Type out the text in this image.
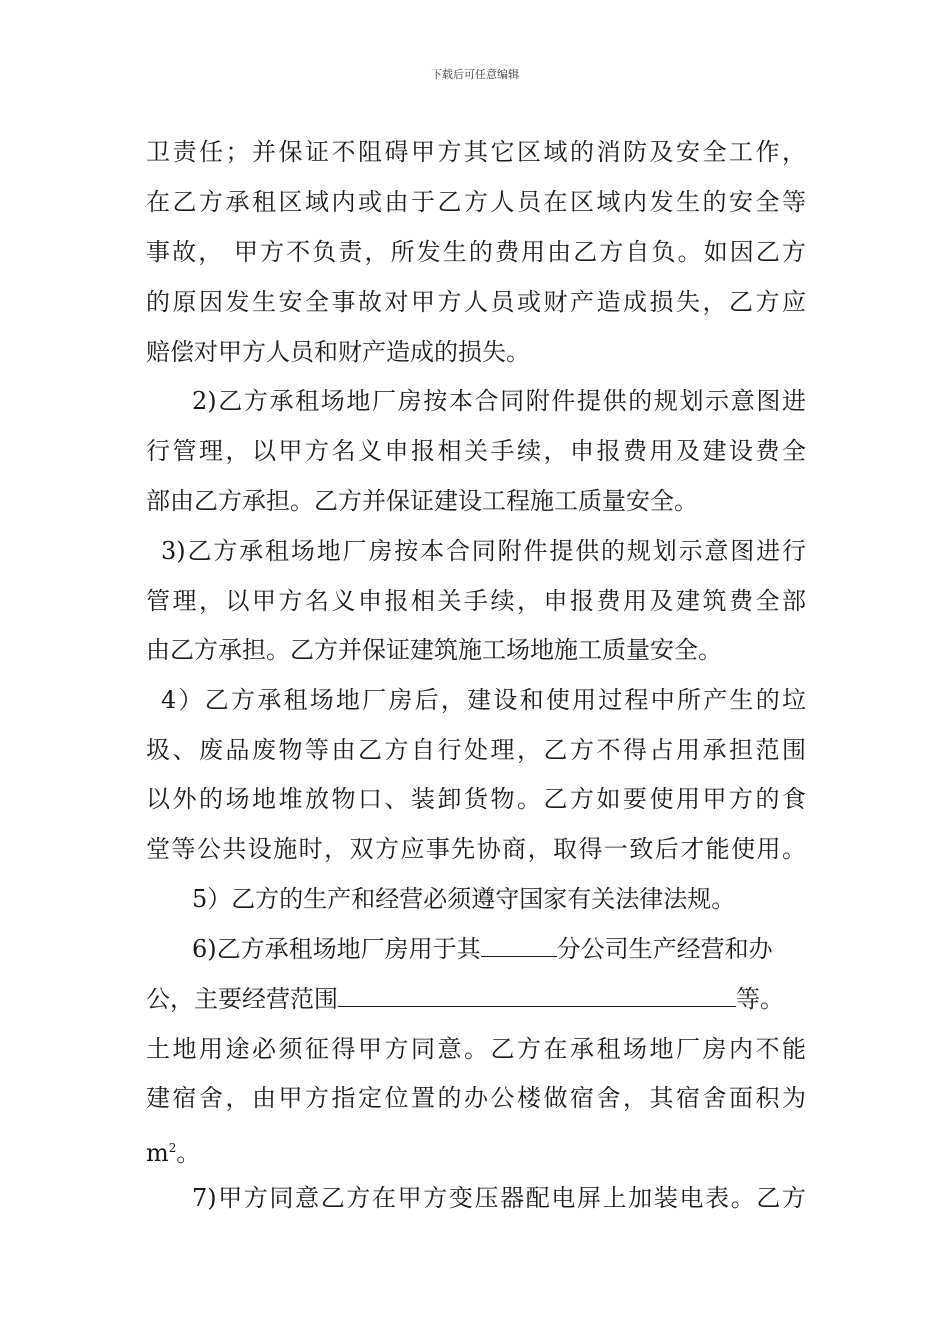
下载后可任意编辑
卫责任；并保证不阻碍甲方其它区域的消防及安全工作，
在乙方承租区域内或由于乙方人员在区域内发生的安全等
事故， 甲方不负责，所发生的费用由乙方自负。如因乙方
的原因发生安全事故对甲方人员或财产造成损失，乙方应
赔偿对甲方人员和财产造成的损失。
2)乙方承租场地厂房按本合同附件提供的规划示意图进
行管理，以甲方名义申报相关手续，申报费用及建设费全
部由乙方承担。乙方并保证建设工程施工质量安全。
3)乙方承租场地厂房按本合同附件提供的规划示意图进行
管理，以甲方名义申报相关手续，申报费用及建筑费全部
由乙方承担。乙方并保证建筑施工场地施工质量安全。
4）乙方承租场地厂房后，建设和使用过程中所产生的垃
圾、废品废物等由乙方自行处理，乙方不得占用承担范围
以外的场地堆放物口、装卸货物。乙方如要使用甲方的食
堂等公共设施时，双方应事先协商，取得一致后才能使用。
5）乙方的生产和经营必须遵守国家有关法律法规。
6)乙方承租场地厂房用于其	分公司生产经营和办
公，主要经营范围	等。
土地用途必须征得甲方同意。乙方在承租场地厂房内不能
建宿舍，由甲方指定位置的办公楼做宿舍，其宿舍面积为
$m^2$。
7)甲方同意乙方在甲方变压器配电屏上加装电表。乙方
